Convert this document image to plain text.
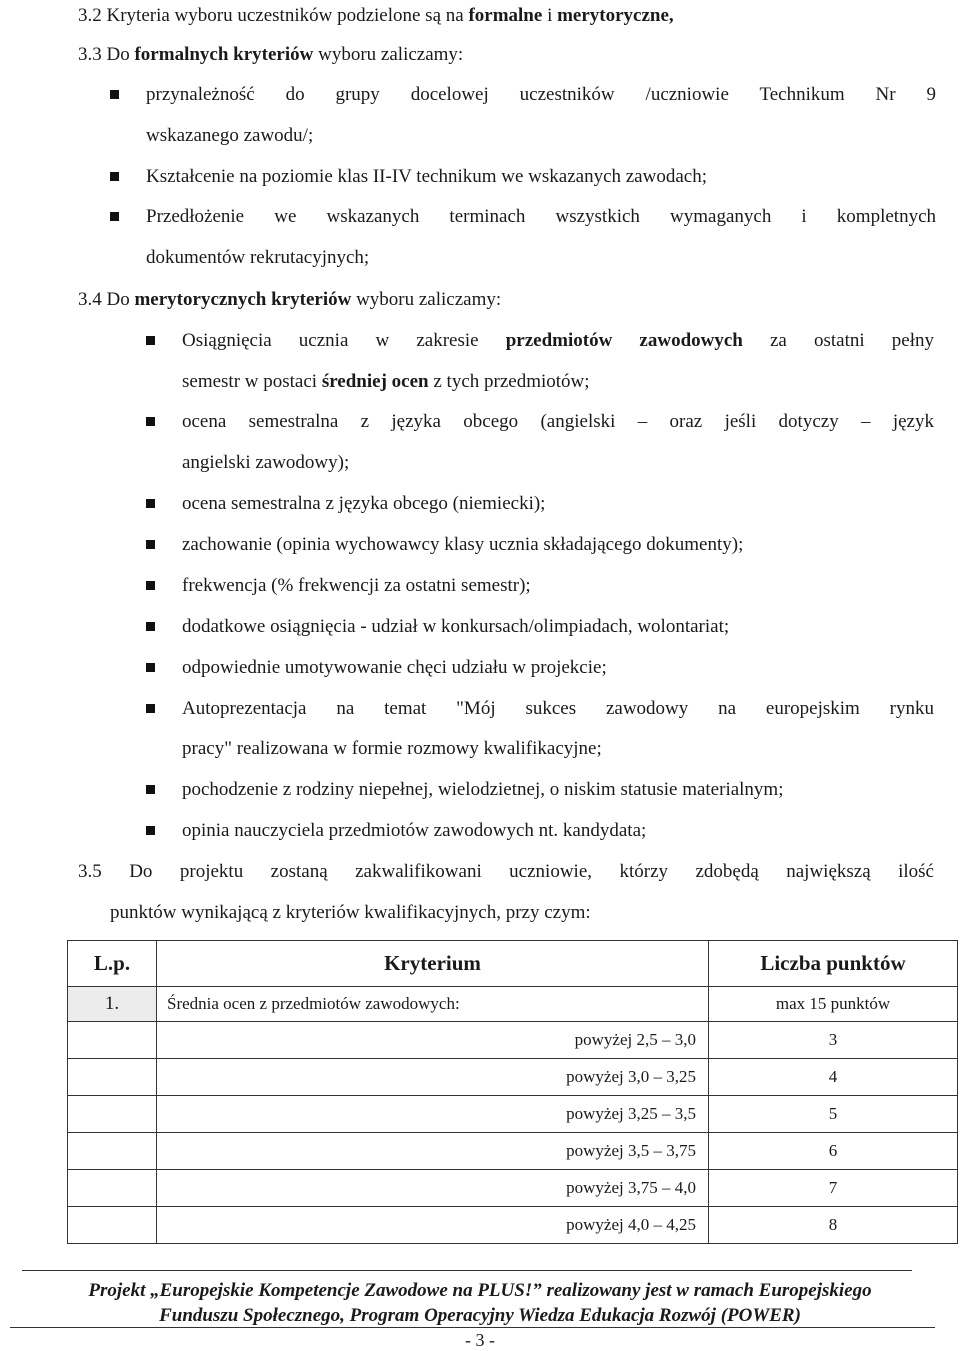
3.2 Kryteria wyboru uczestników podzielone są na formalne i merytoryczne,
3.3 Do formalnych kryteriów wyboru zaliczamy:
przynależność do grupy docelowej uczestników /uczniowie Technikum Nr 9
wskazanego zawodu/;
Kształcenie na poziomie klas II-IV technikum we wskazanych zawodach;
Przedłożenie we wskazanych terminach wszystkich wymaganych i kompletnych
dokumentów rekrutacyjnych;
3.4 Do merytorycznych kryteriów wyboru zaliczamy:
Osiągnięcia ucznia w zakresie przedmiotów zawodowych za ostatni pełny
semestr w postaci średniej ocen z tych przedmiotów;
ocena semestralna z języka obcego (angielski – oraz jeśli dotyczy – język
angielski zawodowy);
ocena semestralna z języka obcego (niemiecki);
zachowanie (opinia wychowawcy klasy ucznia składającego dokumenty);
frekwencja (% frekwencji za ostatni semestr);
dodatkowe osiągnięcia - udział w konkursach/olimpiadach, wolontariat;
odpowiednie umotywowanie chęci udziału w projekcie;
Autoprezentacja na temat "Mój sukces zawodowy na europejskim rynku
pracy" realizowana w formie rozmowy kwalifikacyjne;
pochodzenie z rodziny niepełnej, wielodzietnej, o niskim statusie materialnym;
opinia nauczyciela przedmiotów zawodowych nt. kandydata;
3.5 Do projektu zostaną zakwalifikowani uczniowie, którzy zdobędą największą ilość
punktów wynikającą z kryteriów kwalifikacyjnych, przy czym:
L.p.	Kryterium	Liczba punktów
1.	Średnia ocen z przedmiotów zawodowych:	max 15 punktów

	powyżej 2,5 – 3,0	3

	powyżej 3,0 – 3,25	4

	powyżej 3,25 – 3,5	5

	powyżej 3,5 – 3,75	6

	powyżej 3,75 – 4,0	7

	powyżej 4,0 – 4,25	8
Projekt „Europejskie Kompetencje Zawodowe na PLUS!” realizowany jest w ramach Europejskiego
Funduszu Społecznego, Program Operacyjny Wiedza Edukacja Rozwój (POWER)
- 3 -
